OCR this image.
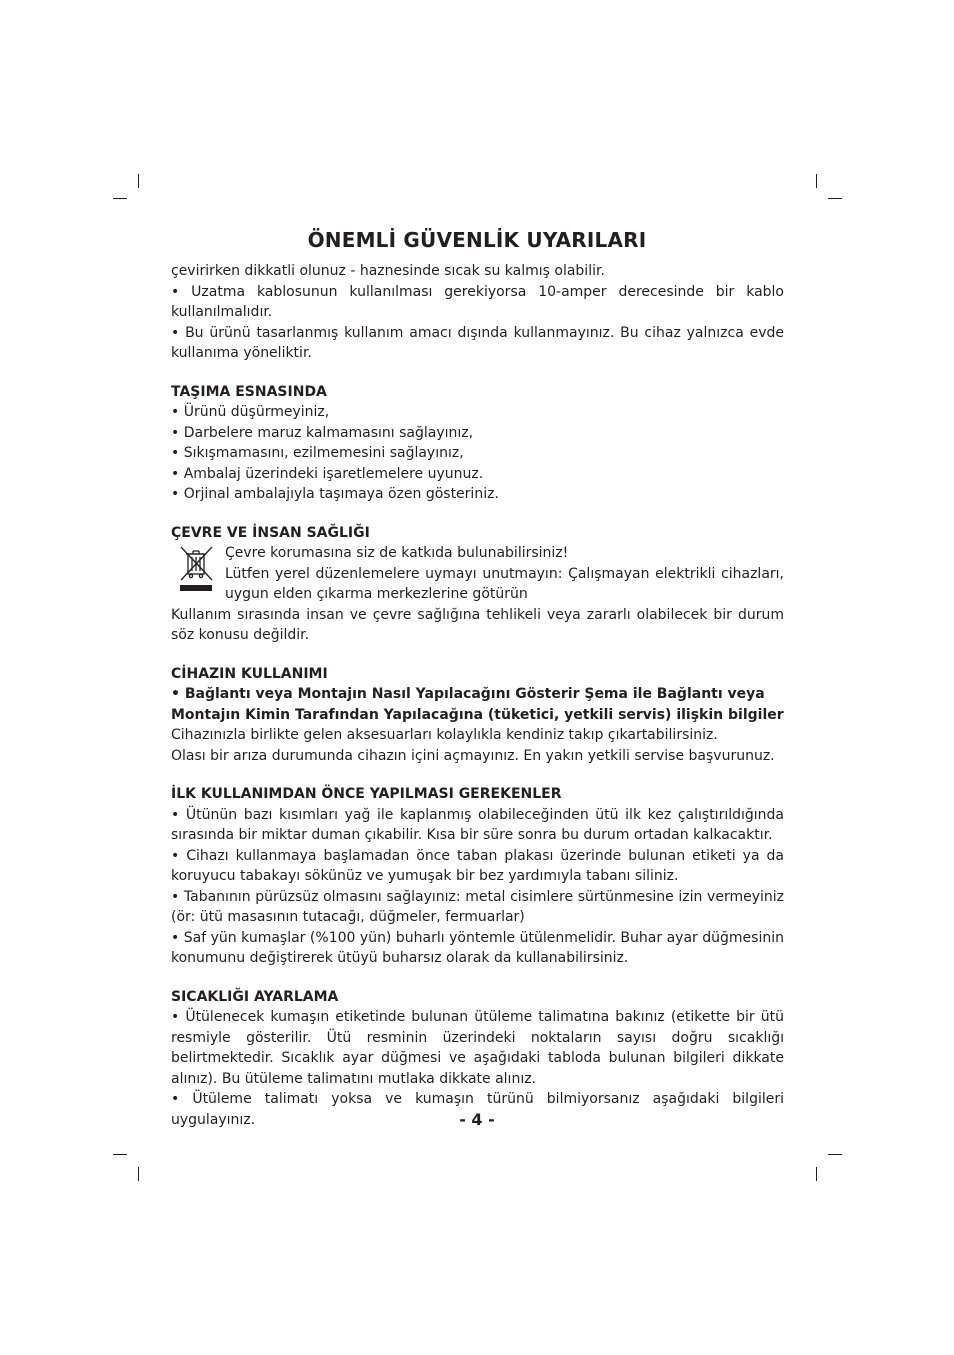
ÖNEMLİ GÜVENLİK UYARILARI

çevirirken dikkatli olunuz - haznesinde sıcak su kalmış olabilir.

• Uzatma kablosunun kullanılması gerekiyorsa 10-amper derecesinde bir kablo kullanılmalıdır.

• Bu ürünü tasarlanmış kullanım amacı dışında kullanmayınız. Bu cihaz yalnızca evde kullanıma yöneliktir.

TAŞIMA ESNASINDA

• Ürünü düşürmeyiniz,

• Darbelere maruz kalmamasını sağlayınız,

• Sıkışmamasını, ezilmemesini sağlayınız,

• Ambalaj üzerindeki işaretlemelere uyunuz.

• Orjinal ambalajıyla taşımaya özen gösteriniz.

ÇEVRE VE İNSAN SAĞLIĞI

Çevre korumasına siz de katkıda bulunabilirsiniz!

Lütfen yerel düzenlemelere uymayı unutmayın: Çalışmayan elektrikli cihazları, uygun elden çıkarma merkezlerine götürün

Kullanım sırasında insan ve çevre sağlığına tehlikeli veya zararlı olabilecek bir durum söz konusu değildir.

CİHAZIN KULLANIMI

• Bağlantı veya Montajın Nasıl Yapılacağını Gösterir Şema ile Bağlantı veya Montajın Kimin Tarafından Yapılacağına (tüketici, yetkili servis) ilişkin bilgiler

Cihazınızla birlikte gelen aksesuarları kolaylıkla kendiniz takıp çıkartabilirsiniz.

Olası bir arıza durumunda cihazın içini açmayınız. En yakın yetkili servise başvurunuz.

İLK KULLANIMDAN ÖNCE YAPILMASI GEREKENLER

• Ütünün bazı kısımları yağ ile kaplanmış olabileceğinden ütü ilk kez çalıştırıldığında sırasında bir miktar duman çıkabilir. Kısa bir süre sonra bu durum ortadan kalkacaktır.

• Cihazı kullanmaya başlamadan önce taban plakası üzerinde bulunan etiketi ya da koruyucu tabakayı sökünüz ve yumuşak bir bez yardımıyla tabanı siliniz.

• Tabanının pürüzsüz olmasını sağlayınız: metal cisimlere sürtünmesine izin vermeyiniz (ör: ütü masasının tutacağı, düğmeler, fermuarlar)

• Saf yün kumaşlar (%100 yün) buharlı yöntemle ütülenmelidir. Buhar ayar düğmesinin konumunu değiştirerek ütüyü buharsız olarak da kullanabilirsiniz.

SICAKLIĞI AYARLAMA

• Ütülenecek kumaşın etiketinde bulunan ütüleme talimatına bakınız (etikette bir ütü resmiyle gösterilir. Ütü resminin üzerindeki noktaların sayısı doğru sıcaklığı belirtmektedir. Sıcaklık ayar düğmesi ve aşağıdaki tabloda bulunan bilgileri dikkate alınız). Bu ütüleme talimatını mutlaka dikkate alınız.

• Ütüleme talimatı yoksa ve kumaşın türünü bilmiyorsanız aşağıdaki bilgileri uygulayınız.	- 4 -
